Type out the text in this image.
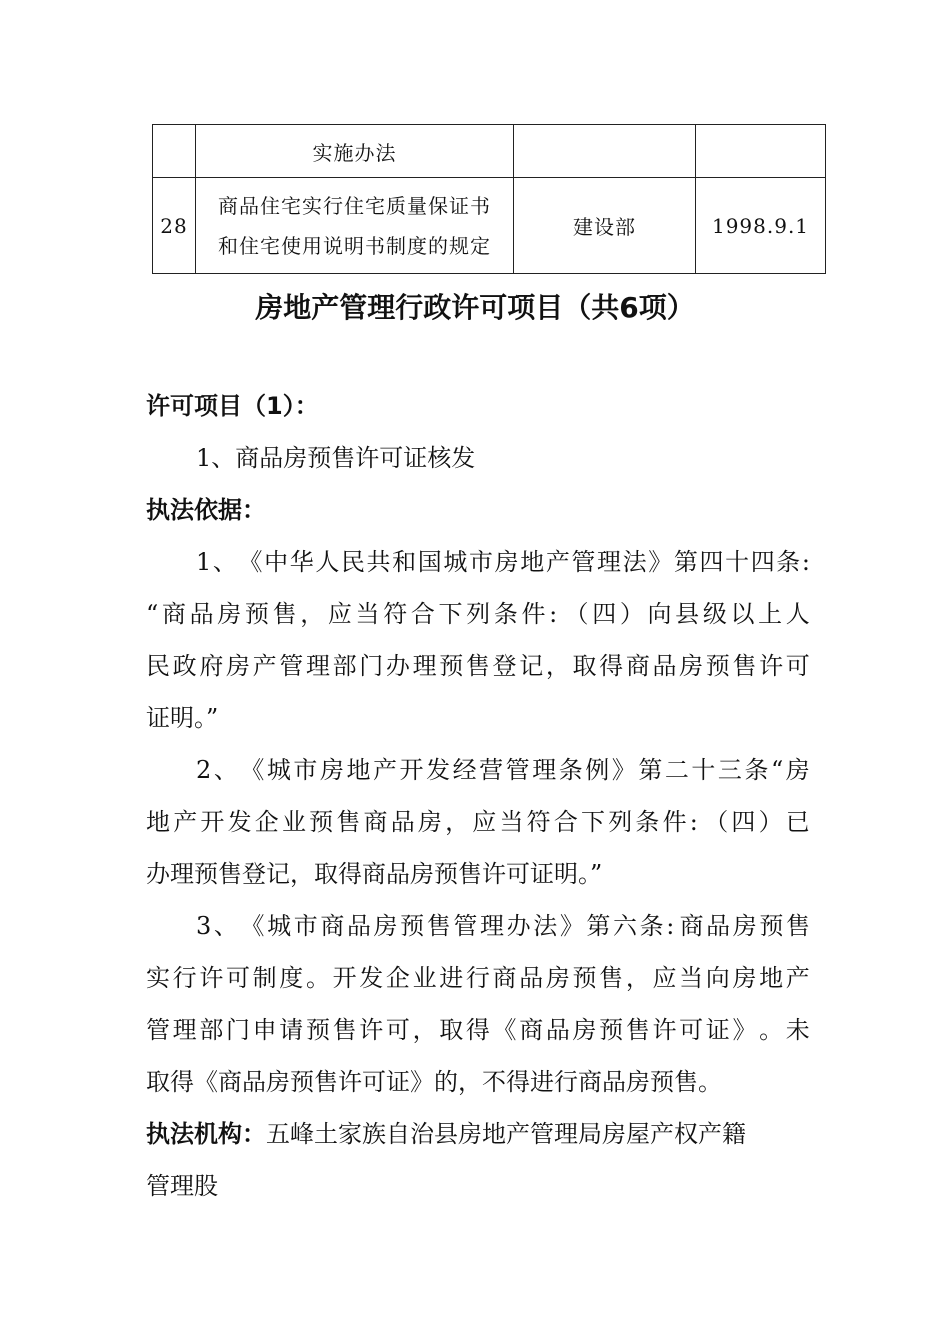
	实施办法		
28	商品住宅实行住宅质量保证书
和住宅使用说明书制度的规定	建设部	1998.9.1
房地产管理行政许可项目（共6项）
许可项目（1）：
1、商品房预售许可证核发
执法依据：
1 、 《 中 华 人 民 共 和 国 城 市 房 地 产 管 理 法 》 第 四 十 四 条 :
“ 商 品 房 预 售 ， 应 当 符 合 下 列 条 件 : （ 四 ） 向 县 级 以 上 人
民 政 府 房 产 管 理 部 门 办 理 预 售 登 记 ， 取 得 商 品 房 预 售 许 可
证明。”
2 、 《 城 市 房 地 产 开 发 经 营 管 理 条 例 》 第 二 十 三 条 “ 房
地 产 开 发 企 业 预 售 商 品 房 ， 应 当 符 合 下 列 条 件 : （ 四 ） 已
办理预售登记，取得商品房预售许可证明。”
3 、 《 城 市 商 品 房 预 售 管 理 办 法 》 第 六 条 : 商 品 房 预 售
实 行 许 可 制 度 。 开 发 企 业 进 行 商 品 房 预 售 ， 应 当 向 房 地 产
管 理 部 门 申 请 预 售 许 可 ， 取 得 《 商 品 房 预 售 许 可 证 》 。 未
取得《商品房预售许可证》的，不得进行商品房预售。
执法机构：五峰土家族自治县房地产管理局房屋产权产籍
管理股
